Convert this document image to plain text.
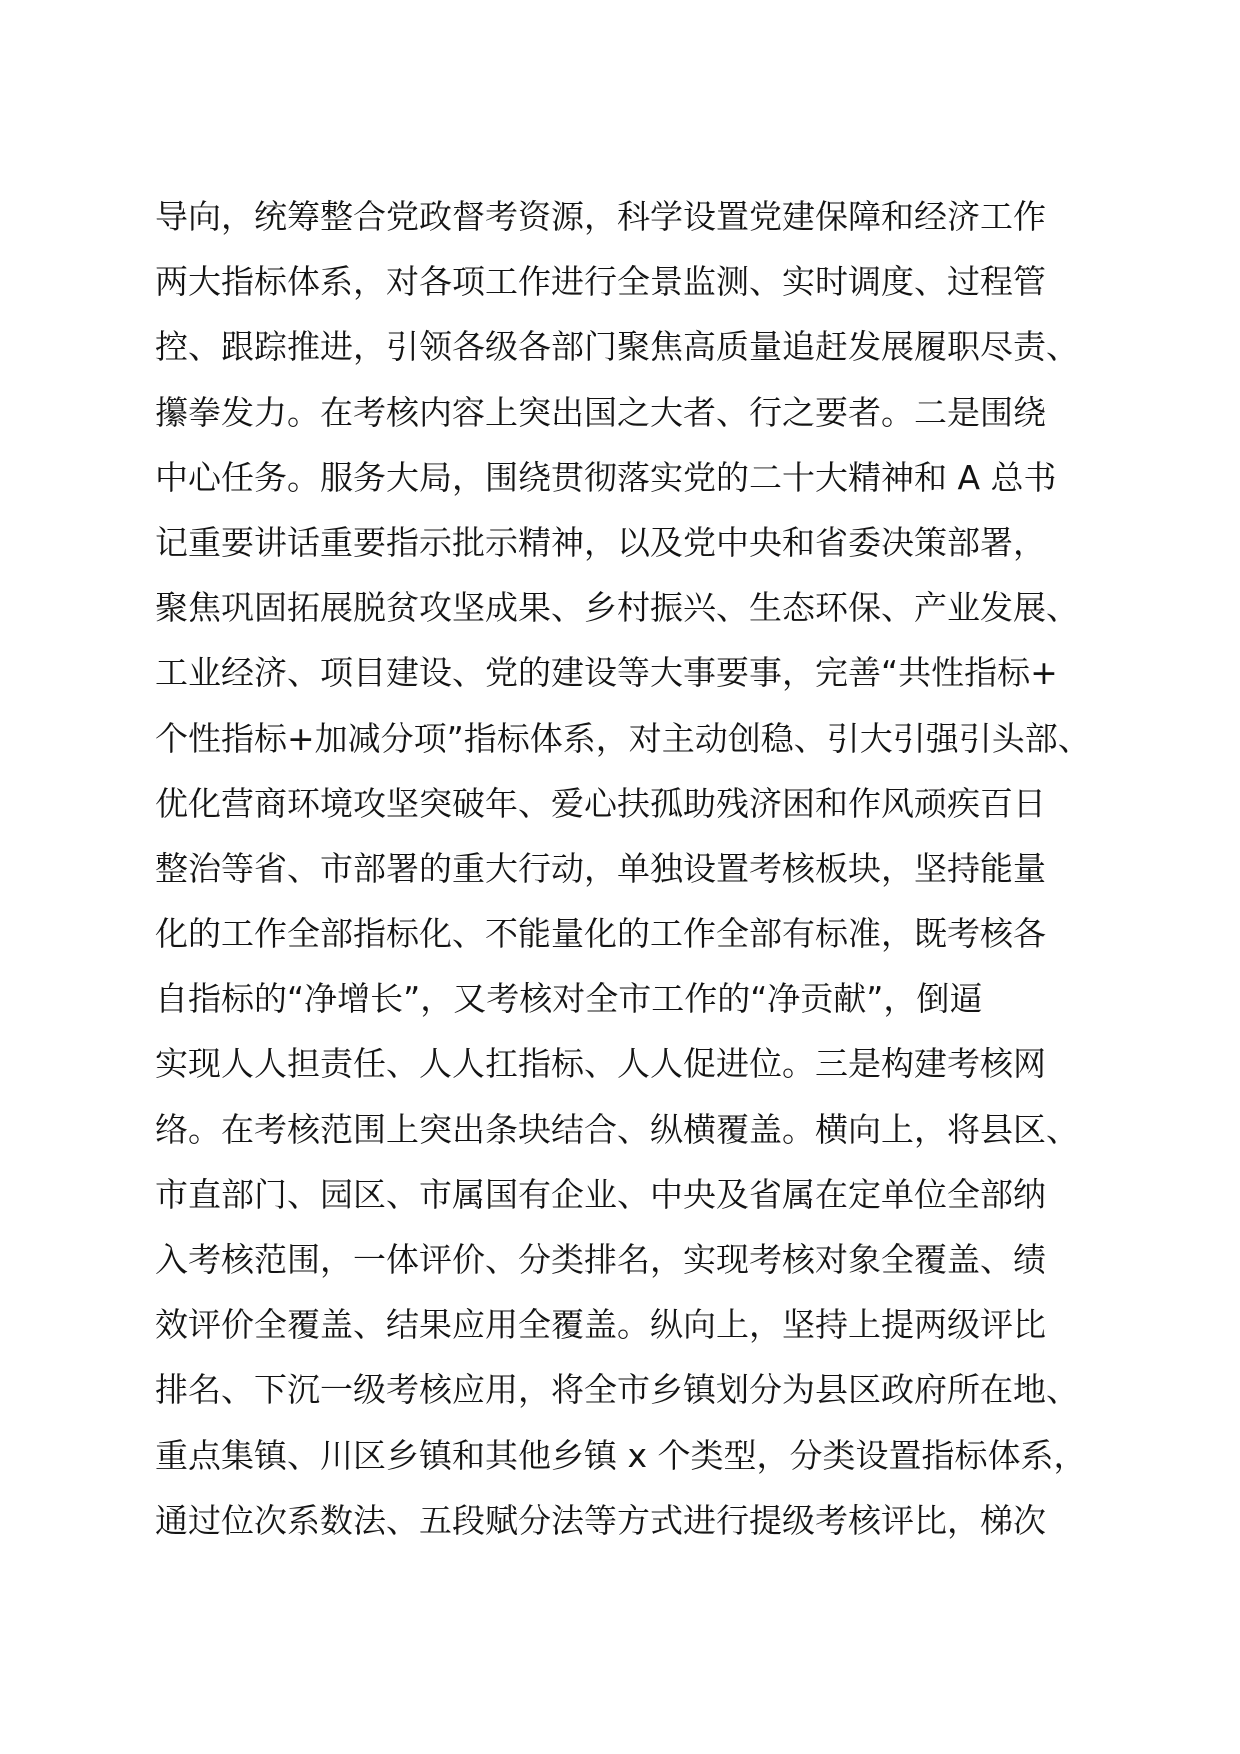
导向，统筹整合党政督考资源，科学设置党建保障和经济工作
两大指标体系，对各项工作进行全景监测、实时调度、过程管
控、跟踪推进，引领各级各部门聚焦高质量追赶发展履职尽责、
攥拳发力。在考核内容上突出国之大者、行之要者。二是围绕
中心任务。服务大局，围绕贯彻落实党的二十大精神和 A 总书
记重要讲话重要指示批示精神，以及党中央和省委决策部署，
聚焦巩固拓展脱贫攻坚成果、乡村振兴、生态环保、产业发展、
工业经济、项目建设、党的建设等大事要事，完善“共性指标+
个性指标+加减分项”指标体系，对主动创稳、引大引强引头部、
优化营商环境攻坚突破年、爱心扶孤助残济困和作风顽疾百日
整治等省、市部署的重大行动，单独设置考核板块，坚持能量
化的工作全部指标化、不能量化的工作全部有标准，既考核各
自指标的“净增长”，又考核对全市工作的“净贡献”，倒逼
实现人人担责任、人人扛指标、人人促进位。三是构建考核网
络。在考核范围上突出条块结合、纵横覆盖。横向上，将县区、
市直部门、园区、市属国有企业、中央及省属在定单位全部纳
入考核范围，一体评价、分类排名，实现考核对象全覆盖、绩
效评价全覆盖、结果应用全覆盖。纵向上，坚持上提两级评比
排名、下沉一级考核应用，将全市乡镇划分为县区政府所在地、
重点集镇、川区乡镇和其他乡镇 x 个类型，分类设置指标体系，
通过位次系数法、五段赋分法等方式进行提级考核评比，梯次
